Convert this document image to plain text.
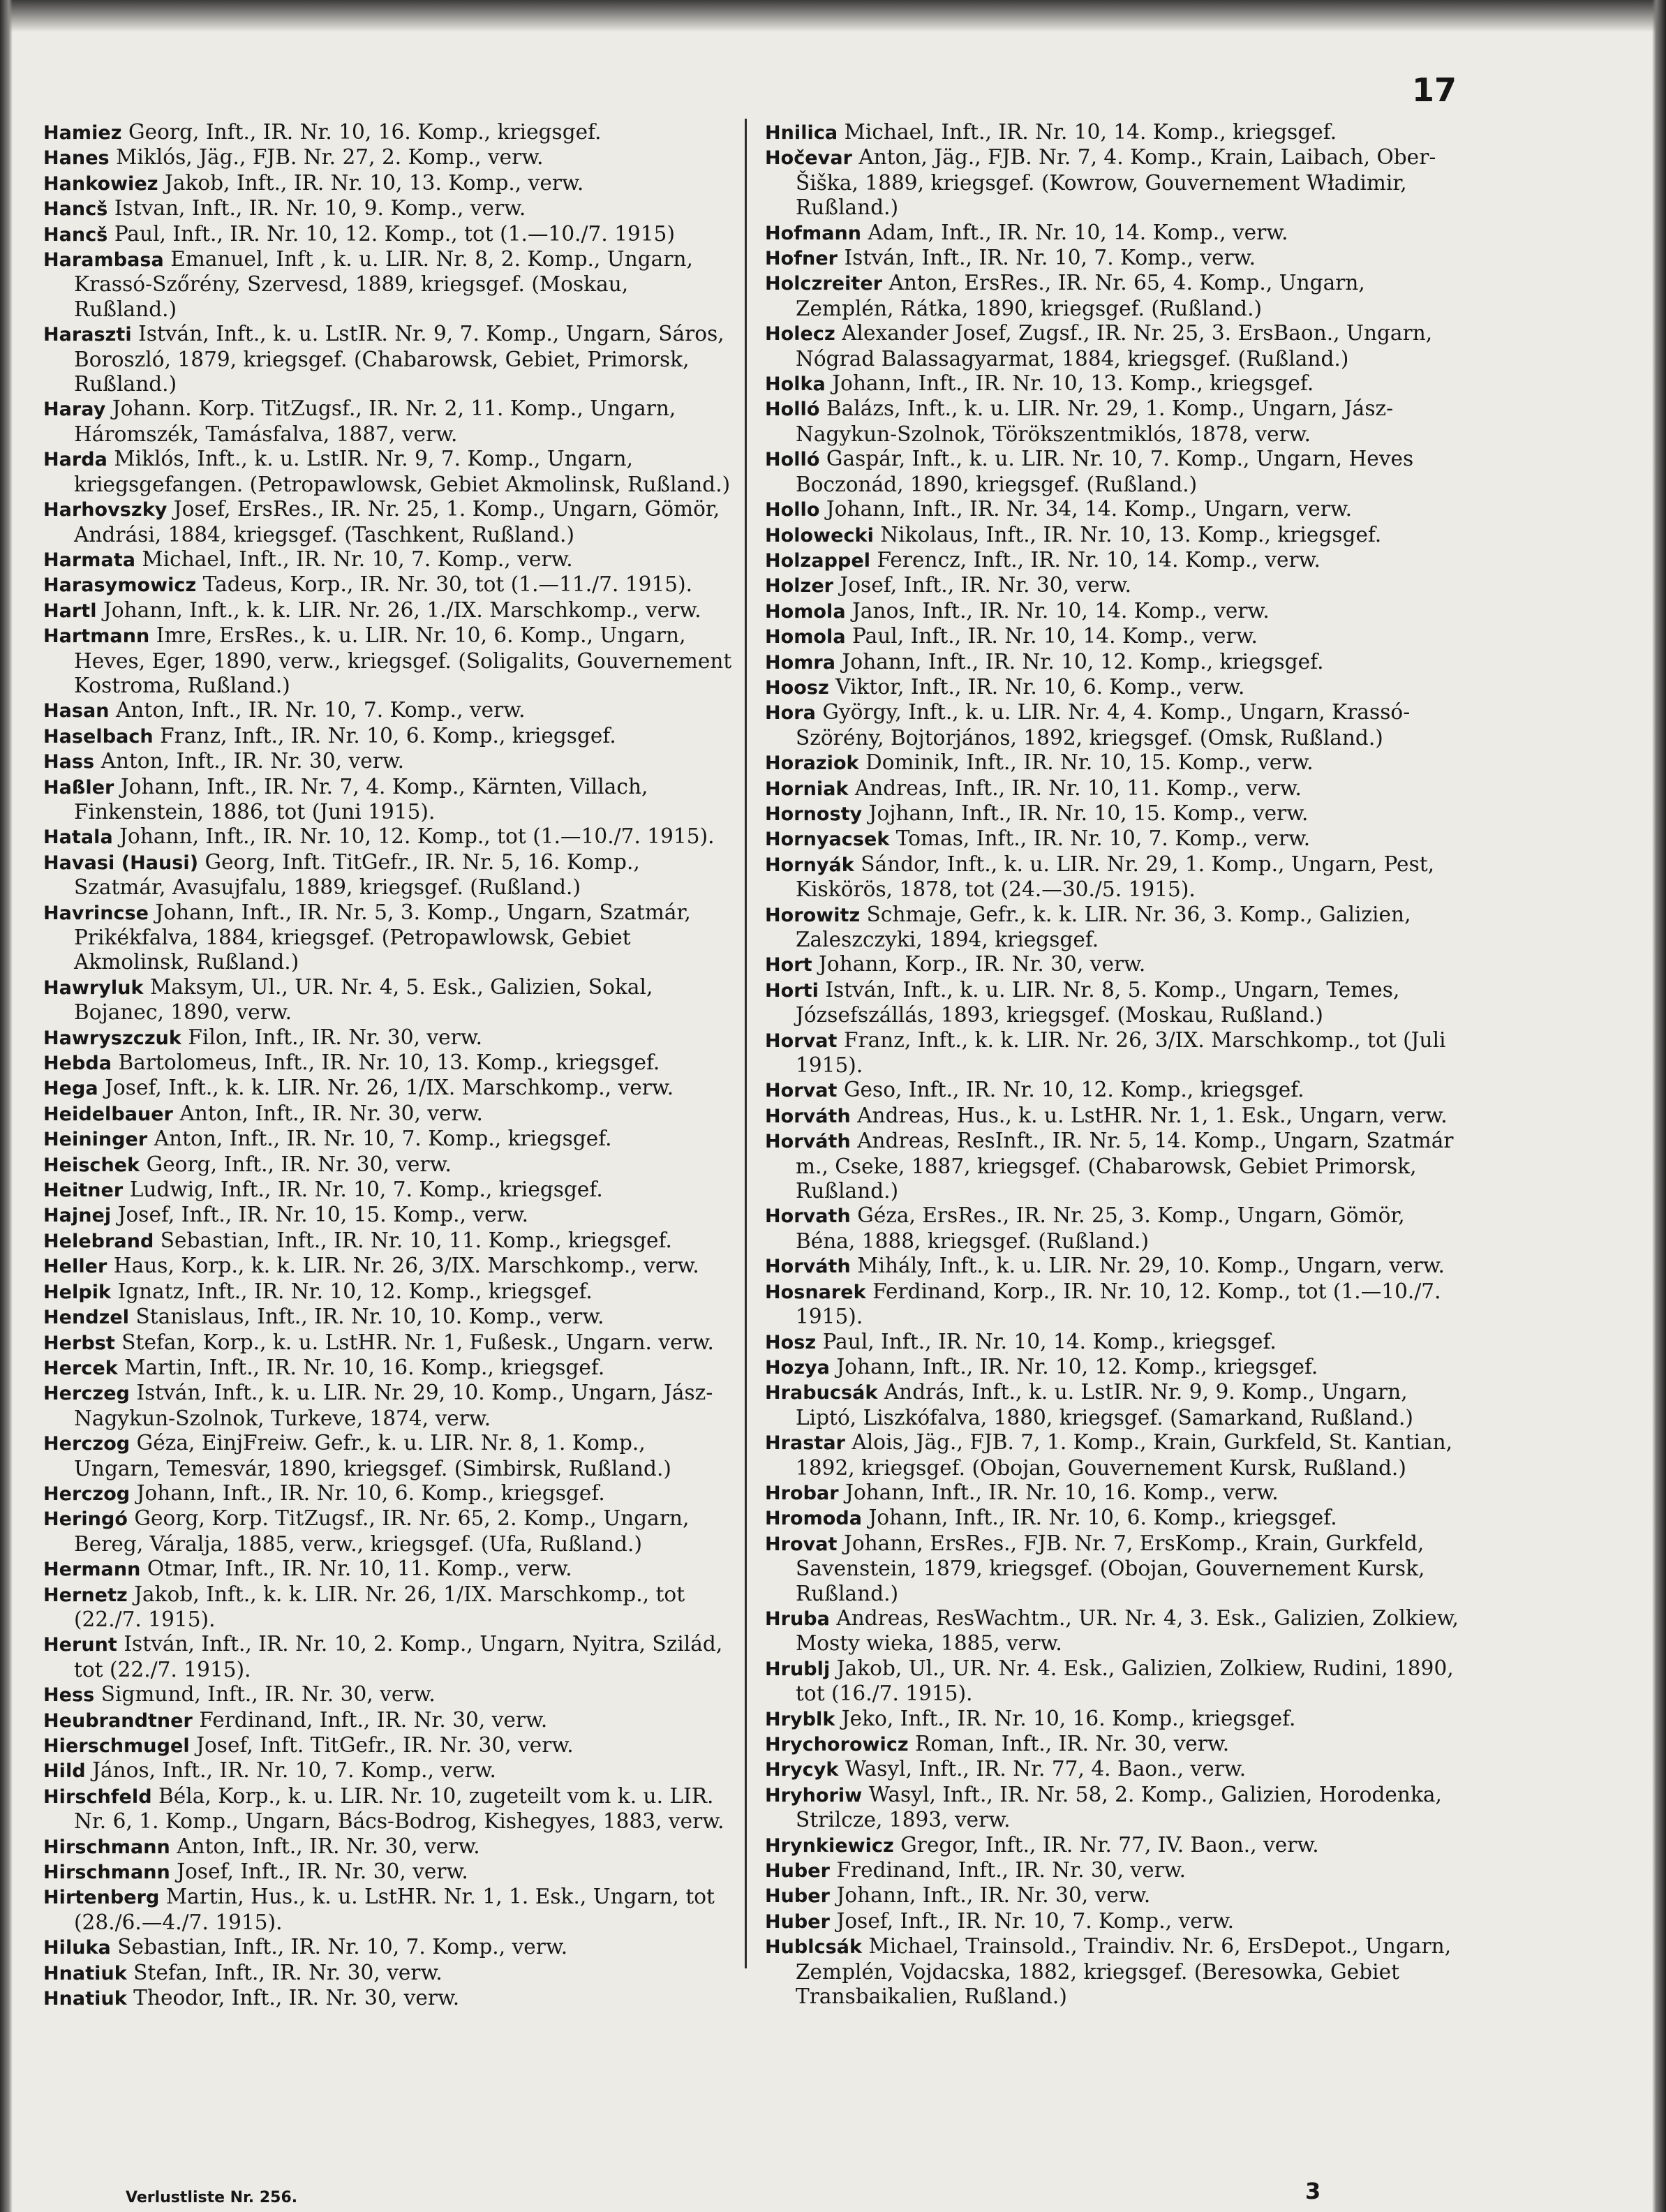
17

Hamiez Georg, Inft., IR. Nr. 10, 16. Komp., kriegsgef.

Hanes Miklós, Jäg., FJB. Nr. 27, 2. Komp., verw.

Hankowiez Jakob, Inft., IR. Nr. 10, 13. Komp., verw.

Hancš Istvan, Inft., IR. Nr. 10, 9. Komp., verw.

Hancš Paul, Inft., IR. Nr. 10, 12. Komp., tot (1.—10./7. 1915)

Harambasa Emanuel, Inft , k. u. LIR. Nr. 8, 2. Komp., Ungarn, Krassó-Szőrény, Szervesd, 1889, kriegsgef. (Moskau, Rußland.)

Haraszti István, Inft., k. u. LstIR. Nr. 9, 7. Komp., Ungarn, Sáros, Boroszló, 1879, kriegsgef. (Chabarowsk, Gebiet, Primorsk, Rußland.)

Haray Johann. Korp. TitZugsf., IR. Nr. 2, 11. Komp., Ungarn, Háromszék, Tamásfalva, 1887, verw.

Harda Miklós, Inft., k. u. LstIR. Nr. 9, 7. Komp., Ungarn, kriegsgefangen. (Petropawlowsk, Gebiet Akmolinsk, Rußland.)

Harhovszky Josef, ErsRes., IR. Nr. 25, 1. Komp., Ungarn, Gömör, Andrási, 1884, kriegsgef. (Taschkent, Rußland.)

Harmata Michael, Inft., IR. Nr. 10, 7. Komp., verw.

Harasymowicz Tadeus, Korp., IR. Nr. 30, tot (1.—11./7. 1915).

Hartl Johann, Inft., k. k. LIR. Nr. 26, 1./IX. Marschkomp., verw.

Hartmann Imre, ErsRes., k. u. LIR. Nr. 10, 6. Komp., Ungarn, Heves, Eger, 1890, verw., kriegsgef. (Soligalits, Gouvernement Kostroma, Rußland.)

Hasan Anton, Inft., IR. Nr. 10, 7. Komp., verw.

Haselbach Franz, Inft., IR. Nr. 10, 6. Komp., kriegsgef.

Hass Anton, Inft., IR. Nr. 30, verw.

Haßler Johann, Inft., IR. Nr. 7, 4. Komp., Kärnten, Villach, Finkenstein, 1886, tot (Juni 1915).

Hatala Johann, Inft., IR. Nr. 10, 12. Komp., tot (1.—10./7. 1915).

Havasi (Hausi) Georg, Inft. TitGefr., IR. Nr. 5, 16. Komp., Szatmár, Avasujfalu, 1889, kriegsgef. (Rußland.)

Havrincse Johann, Inft., IR. Nr. 5, 3. Komp., Ungarn, Szatmár, Prikékfalva, 1884, kriegsgef. (Petropawlowsk, Gebiet Akmolinsk, Rußland.)

Hawryluk Maksym, Ul., UR. Nr. 4, 5. Esk., Galizien, Sokal, Bojanec, 1890, verw.

Hawryszczuk Filon, Inft., IR. Nr. 30, verw.

Hebda Bartolomeus, Inft., IR. Nr. 10, 13. Komp., kriegsgef.

Hega Josef, Inft., k. k. LIR. Nr. 26, 1/IX. Marschkomp., verw.

Heidelbauer Anton, Inft., IR. Nr. 30, verw.

Heininger Anton, Inft., IR. Nr. 10, 7. Komp., kriegsgef.

Heischek Georg, Inft., IR. Nr. 30, verw.

Heitner Ludwig, Inft., IR. Nr. 10, 7. Komp., kriegsgef.

Hajnej Josef, Inft., IR. Nr. 10, 15. Komp., verw.

Helebrand Sebastian, Inft., IR. Nr. 10, 11. Komp., kriegsgef.

Heller Haus, Korp., k. k. LIR. Nr. 26, 3/IX. Marschkomp., verw.

Helpik Ignatz, Inft., IR. Nr. 10, 12. Komp., kriegsgef.

Hendzel Stanislaus, Inft., IR. Nr. 10, 10. Komp., verw.

Herbst Stefan, Korp., k. u. LstHR. Nr. 1, Fußesk., Ungarn. verw.

Hercek Martin, Inft., IR. Nr. 10, 16. Komp., kriegsgef.

Herczeg István, Inft., k. u. LIR. Nr. 29, 10. Komp., Ungarn, Jász-Nagykun-Szolnok, Turkeve, 1874, verw.

Herczog Géza, EinjFreiw. Gefr., k. u. LIR. Nr. 8, 1. Komp., Ungarn, Temesvár, 1890, kriegsgef. (Simbirsk, Rußland.)

Herczog Johann, Inft., IR. Nr. 10, 6. Komp., kriegsgef.

Heringó Georg, Korp. TitZugsf., IR. Nr. 65, 2. Komp., Ungarn, Bereg, Váralja, 1885, verw., kriegsgef. (Ufa, Rußland.)

Hermann Otmar, Inft., IR. Nr. 10, 11. Komp., verw.

Hernetz Jakob, Inft., k. k. LIR. Nr. 26, 1/IX. Marschkomp., tot (22./7. 1915).

Herunt István, Inft., IR. Nr. 10, 2. Komp., Ungarn, Nyitra, Szilád, tot (22./7. 1915).

Hess Sigmund, Inft., IR. Nr. 30, verw.

Heubrandtner Ferdinand, Inft., IR. Nr. 30, verw.

Hierschmugel Josef, Inft. TitGefr., IR. Nr. 30, verw.

Hild János, Inft., IR. Nr. 10, 7. Komp., verw.

Hirschfeld Béla, Korp., k. u. LIR. Nr. 10, zugeteilt vom k. u. LIR. Nr. 6, 1. Komp., Ungarn, Bács-Bodrog, Kishegyes, 1883, verw.

Hirschmann Anton, Inft., IR. Nr. 30, verw.

Hirschmann Josef, Inft., IR. Nr. 30, verw.

Hirtenberg Martin, Hus., k. u. LstHR. Nr. 1, 1. Esk., Ungarn, tot (28./6.—4./7. 1915).

Hiluka Sebastian, Inft., IR. Nr. 10, 7. Komp., verw.

Hnatiuk Stefan, Inft., IR. Nr. 30, verw.

Hnatiuk Theodor, Inft., IR. Nr. 30, verw.

Hnilica Michael, Inft., IR. Nr. 10, 14. Komp., kriegsgef.

Hočevar Anton, Jäg., FJB. Nr. 7, 4. Komp., Krain, Laibach, Ober-Šiška, 1889, kriegsgef. (Kowrow, Gouvernement Władimir, Rußland.)

Hofmann Adam, Inft., IR. Nr. 10, 14. Komp., verw.

Hofner István, Inft., IR. Nr. 10, 7. Komp., verw.

Holczreiter Anton, ErsRes., IR. Nr. 65, 4. Komp., Ungarn, Zemplén, Rátka, 1890, kriegsgef. (Rußland.)

Holecz Alexander Josef, Zugsf., IR. Nr. 25, 3. ErsBaon., Ungarn, Nógrad Balassagyarmat, 1884, kriegsgef. (Rußland.)

Holka Johann, Inft., IR. Nr. 10, 13. Komp., kriegsgef.

Holló Balázs, Inft., k. u. LIR. Nr. 29, 1. Komp., Ungarn, Jász-Nagykun-Szolnok, Törökszentmiklós, 1878, verw.

Holló Gaspár, Inft., k. u. LIR. Nr. 10, 7. Komp., Ungarn, Heves Boczonád, 1890, kriegsgef. (Rußland.)

Hollo Johann, Inft., IR. Nr. 34, 14. Komp., Ungarn, verw.

Holowecki Nikolaus, Inft., IR. Nr. 10, 13. Komp., kriegsgef.

Holzappel Ferencz, Inft., IR. Nr. 10, 14. Komp., verw.

Holzer Josef, Inft., IR. Nr. 30, verw.

Homola Janos, Inft., IR. Nr. 10, 14. Komp., verw.

Homola Paul, Inft., IR. Nr. 10, 14. Komp., verw.

Homra Johann, Inft., IR. Nr. 10, 12. Komp., kriegsgef.

Hoosz Viktor, Inft., IR. Nr. 10, 6. Komp., verw.

Hora György, Inft., k. u. LIR. Nr. 4, 4. Komp., Ungarn, Krassó-Szörény, Bojtorjános, 1892, kriegsgef. (Omsk, Rußland.)

Horaziok Dominik, Inft., IR. Nr. 10, 15. Komp., verw.

Horniak Andreas, Inft., IR. Nr. 10, 11. Komp., verw.

Hornosty Jojhann, Inft., IR. Nr. 10, 15. Komp., verw.

Hornyacsek Tomas, Inft., IR. Nr. 10, 7. Komp., verw.

Hornyák Sándor, Inft., k. u. LIR. Nr. 29, 1. Komp., Ungarn, Pest, Kiskörös, 1878, tot (24.—30./5. 1915).

Horowitz Schmaje, Gefr., k. k. LIR. Nr. 36, 3. Komp., Galizien, Zaleszczyki, 1894, kriegsgef.

Hort Johann, Korp., IR. Nr. 30, verw.

Horti István, Inft., k. u. LIR. Nr. 8, 5. Komp., Ungarn, Temes, Józsefszállás, 1893, kriegsgef. (Moskau, Rußland.)

Horvat Franz, Inft., k. k. LIR. Nr. 26, 3/IX. Marschkomp., tot (Juli 1915).

Horvat Geso, Inft., IR. Nr. 10, 12. Komp., kriegsgef.

Horváth Andreas, Hus., k. u. LstHR. Nr. 1, 1. Esk., Ungarn, verw.

Horváth Andreas, ResInft., IR. Nr. 5, 14. Komp., Ungarn, Szatmár m., Cseke, 1887, kriegsgef. (Chabarowsk, Gebiet Primorsk, Rußland.)

Horvath Géza, ErsRes., IR. Nr. 25, 3. Komp., Ungarn, Gömör, Béna, 1888, kriegsgef. (Rußland.)

Horváth Mihály, Inft., k. u. LIR. Nr. 29, 10. Komp., Ungarn, verw.

Hosnarek Ferdinand, Korp., IR. Nr. 10, 12. Komp., tot (1.—10./7. 1915).

Hosz Paul, Inft., IR. Nr. 10, 14. Komp., kriegsgef.

Hozya Johann, Inft., IR. Nr. 10, 12. Komp., kriegsgef.

Hrabucsák András, Inft., k. u. LstIR. Nr. 9, 9. Komp., Ungarn, Liptó, Liszkófalva, 1880, kriegsgef. (Samarkand, Rußland.)

Hrastar Alois, Jäg., FJB. 7, 1. Komp., Krain, Gurkfeld, St. Kantian, 1892, kriegsgef. (Obojan, Gouvernement Kursk, Rußland.)

Hrobar Johann, Inft., IR. Nr. 10, 16. Komp., verw.

Hromoda Johann, Inft., IR. Nr. 10, 6. Komp., kriegsgef.

Hrovat Johann, ErsRes., FJB. Nr. 7, ErsKomp., Krain, Gurkfeld, Savenstein, 1879, kriegsgef. (Obojan, Gouvernement Kursk, Rußland.)

Hruba Andreas, ResWachtm., UR. Nr. 4, 3. Esk., Galizien, Zolkiew, Mosty wieka, 1885, verw.

Hrublj Jakob, Ul., UR. Nr. 4. Esk., Galizien, Zolkiew, Rudini, 1890, tot (16./7. 1915).

Hryblk Jeko, Inft., IR. Nr. 10, 16. Komp., kriegsgef.

Hrychorowicz Roman, Inft., IR. Nr. 30, verw.

Hrycyk Wasyl, Inft., IR. Nr. 77, 4. Baon., verw.

Hryhoriw Wasyl, Inft., IR. Nr. 58, 2. Komp., Galizien, Horodenka, Strilcze, 1893, verw.

Hrynkiewicz Gregor, Inft., IR. Nr. 77, IV. Baon., verw.

Huber Fredinand, Inft., IR. Nr. 30, verw.

Huber Johann, Inft., IR. Nr. 30, verw.

Huber Josef, Inft., IR. Nr. 10, 7. Komp., verw.

Hublcsák Michael, Trainsold., Traindiv. Nr. 6, ErsDepot., Ungarn, Zemplén, Vojdacska, 1882, kriegsgef. (Beresowka, Gebiet Transbaikalien, Rußland.)

Verlustliste Nr. 256.	3
